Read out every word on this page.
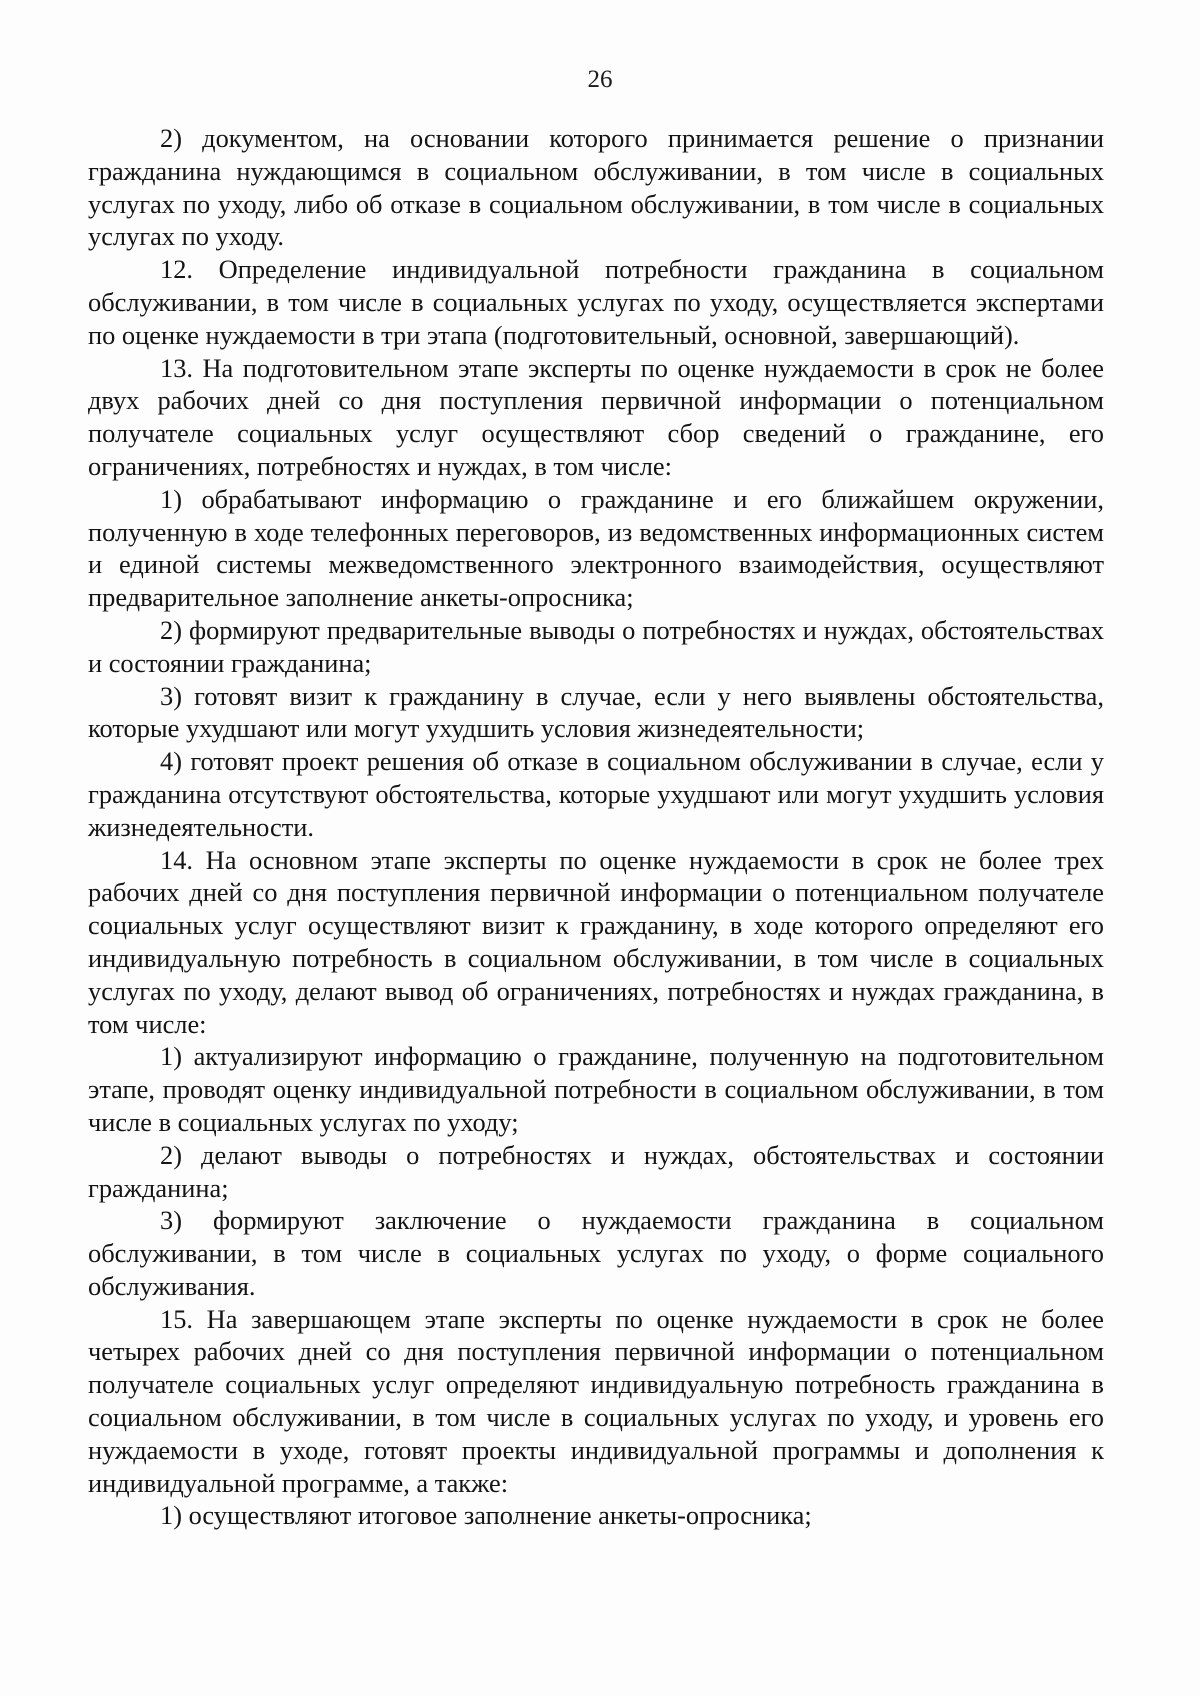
26

2) документом, на основании которого принимается решение о признании гражданина нуждающимся в социальном обслуживании, в том числе в социальных услугах по уходу, либо об отказе в социальном обслуживании, в том числе в социальных услугах по уходу.

12. Определение индивидуальной потребности гражданина в социальном обслуживании, в том числе в социальных услугах по уходу, осуществляется экспертами по оценке нуждаемости в три этапа (подготовительный, основной, завершающий).

13. На подготовительном этапе эксперты по оценке нуждаемости в срок не более двух рабочих дней со дня поступления первичной информации о потенциальном получателе социальных услуг осуществляют сбор сведений о гражданине, его ограничениях, потребностях и нуждах, в том числе:

1) обрабатывают информацию о гражданине и его ближайшем окружении, полученную в ходе телефонных переговоров, из ведомственных информационных систем и единой системы межведомственного электронного взаимодействия, осуществляют предварительное заполнение анкеты-опросника;

2) формируют предварительные выводы о потребностях и нуждах, обстоятельствах и состоянии гражданина;

3) готовят визит к гражданину в случае, если у него выявлены обстоятельства, которые ухудшают или могут ухудшить условия жизнедеятельности;

4) готовят проект решения об отказе в социальном обслуживании в случае, если у гражданина отсутствуют обстоятельства, которые ухудшают или могут ухудшить условия жизнедеятельности.

14. На основном этапе эксперты по оценке нуждаемости в срок не более трех рабочих дней со дня поступления первичной информации о потенциальном получателе социальных услуг осуществляют визит к гражданину, в ходе которого определяют его индивидуальную потребность в социальном обслуживании, в том числе в социальных услугах по уходу, делают вывод об ограничениях, потребностях и нуждах гражданина, в том числе:

1) актуализируют информацию о гражданине, полученную на подготовительном этапе, проводят оценку индивидуальной потребности в социальном обслуживании, в том числе в социальных услугах по уходу;

2) делают выводы о потребностях и нуждах, обстоятельствах и состоянии гражданина;

3) формируют заключение о нуждаемости гражданина в социальном обслуживании, в том числе в социальных услугах по уходу, о форме социального обслуживания.

15. На завершающем этапе эксперты по оценке нуждаемости в срок не более четырех рабочих дней со дня поступления первичной информации о потенциальном получателе социальных услуг определяют индивидуальную потребность гражданина в социальном обслуживании, в том числе в социальных услугах по уходу, и уровень его нуждаемости в уходе, готовят проекты индивидуальной программы и дополнения к индивидуальной программе, а также:

1) осуществляют итоговое заполнение анкеты-опросника;
